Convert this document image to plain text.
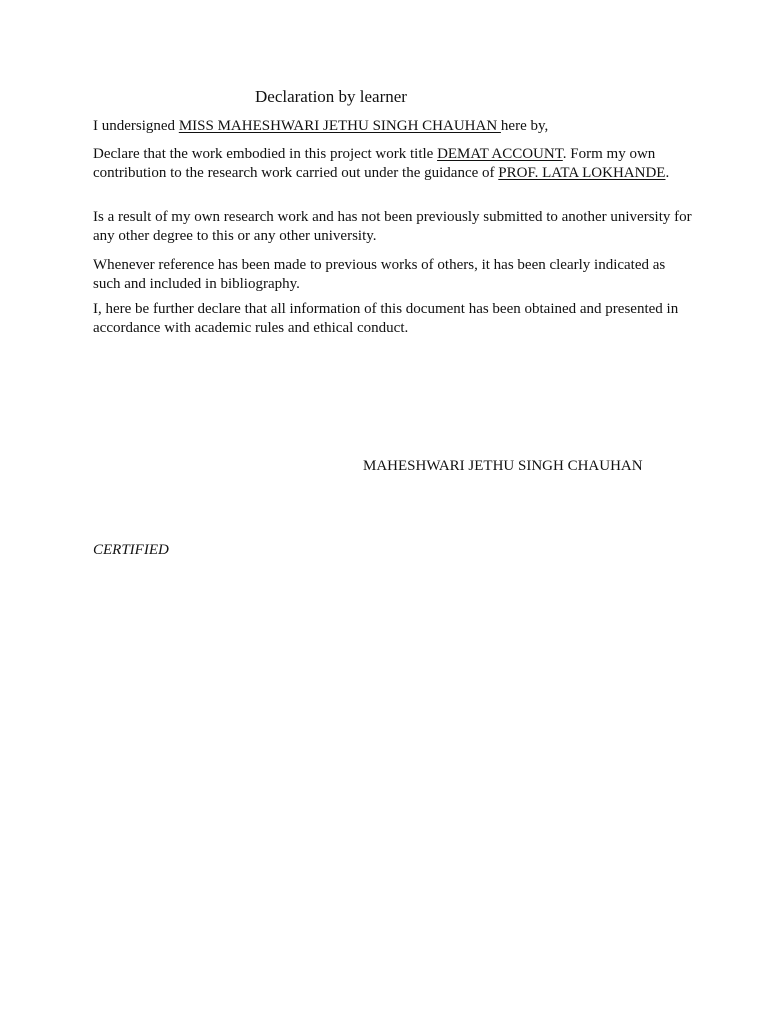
Declaration by learner
I undersigned MISS MAHESHWARI JETHU SINGH CHAUHAN here by,
Declare that the work embodied in this project work title DEMAT ACCOUNT. Form my own contribution to the research work carried out under the guidance of PROF. LATA LOKHANDE.
Is a result of my own research work and has not been previously submitted to another university for any other degree to this or any other university.
Whenever reference has been made to previous works of others, it has been clearly indicated as such and included in bibliography.
I, here be further declare that all information of this document has been obtained and presented in accordance with academic rules and ethical conduct.
MAHESHWARI JETHU SINGH CHAUHAN
CERTIFIED
